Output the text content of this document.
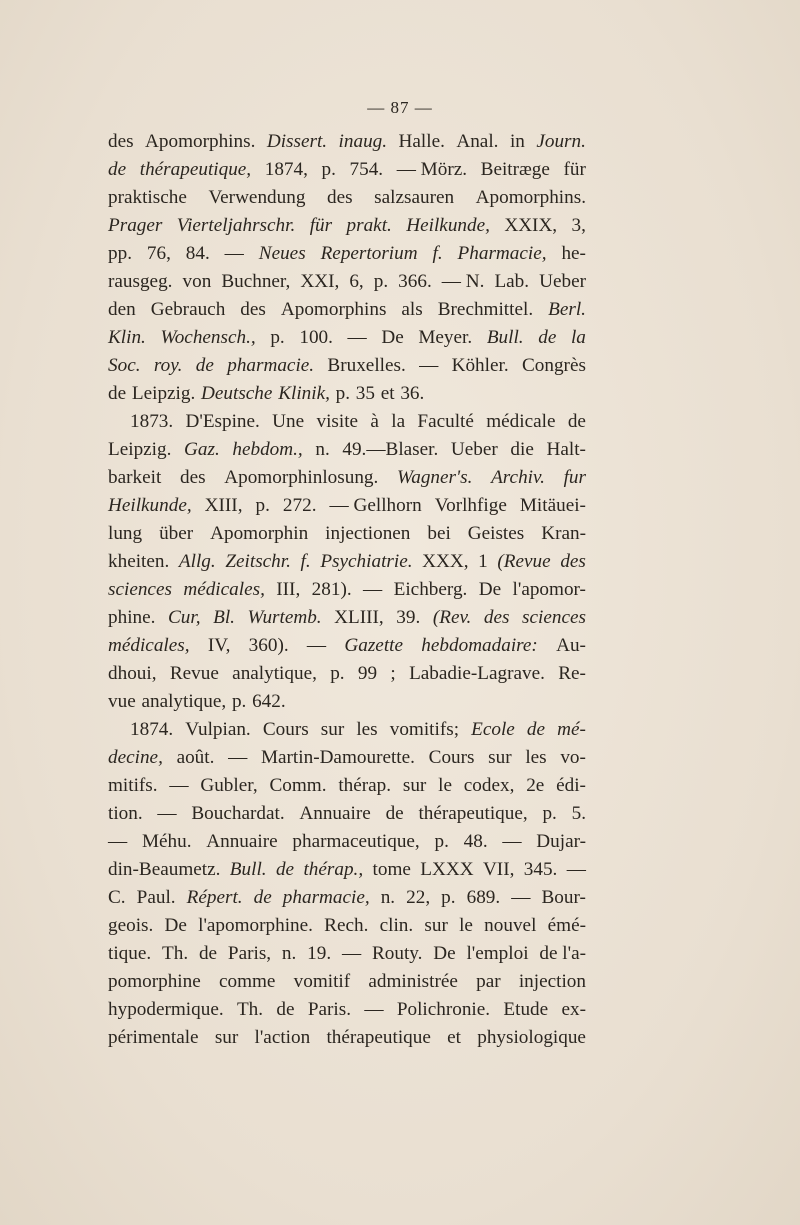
— 87 —
des Apomorphins. Dissert. inaug. Halle. Anal. in Journ.
de thérapeutique, 1874, p. 754. — Mörz. Beitræge für
praktische Verwendung des salzsauren Apomorphins.
Prager Vierteljahrschr. für prakt. Heilkunde, XXIX, 3,
pp. 76, 84. — Neues Repertorium f. Pharmacie, he-
rausgeg. von Buchner, XXI, 6, p. 366. — N. Lab. Ueber
den Gebrauch des Apomorphins als Brechmittel. Berl.
Klin. Wochensch., p. 100. — De Meyer. Bull. de la
Soc. roy. de pharmacie. Bruxelles. — Köhler. Congrès
de Leipzig. Deutsche Klinik, p. 35 et 36.
1873. D'Espine. Une visite à la Faculté médicale de
Leipzig. Gaz. hebdom., n. 49.—Blaser. Ueber die Halt-
barkeit des Apomorphinlosung. Wagner's. Archiv. fur
Heilkunde, XIII, p. 272. — Gellhorn Vorlhfige Mitäuei-
lung über Apomorphin injectionen bei Geistes Kran-
kheiten. Allg. Zeitschr. f. Psychiatrie. XXX, 1 (Revue des
sciences médicales, III, 281). — Eichberg. De l'apomor-
phine. Cur, Bl. Wurtemb. XLIII, 39. (Rev. des sciences
médicales, IV, 360). — Gazette hebdomadaire: Au-
dhoui, Revue analytique, p. 99 ; Labadie-Lagrave. Re-
vue analytique, p. 642.
1874. Vulpian. Cours sur les vomitifs; Ecole de mé-
decine, août. — Martin-Damourette. Cours sur les vo-
mitifs. — Gubler, Comm. thérap. sur le codex, 2e édi-
tion. — Bouchardat. Annuaire de thérapeutique, p. 5.
— Méhu. Annuaire pharmaceutique, p. 48. — Dujar-
din-Beaumetz. Bull. de thérap., tome LXXX VII, 345. —
C. Paul. Répert. de pharmacie, n. 22, p. 689. — Bour-
geois. De l'apomorphine. Rech. clin. sur le nouvel émé-
tique. Th. de Paris, n. 19. — Routy. De l'emploi de l'a-
pomorphine comme vomitif administrée par injection
hypodermique. Th. de Paris. — Polichronie. Etude ex-
périmentale sur l'action thérapeutique et physiologique
